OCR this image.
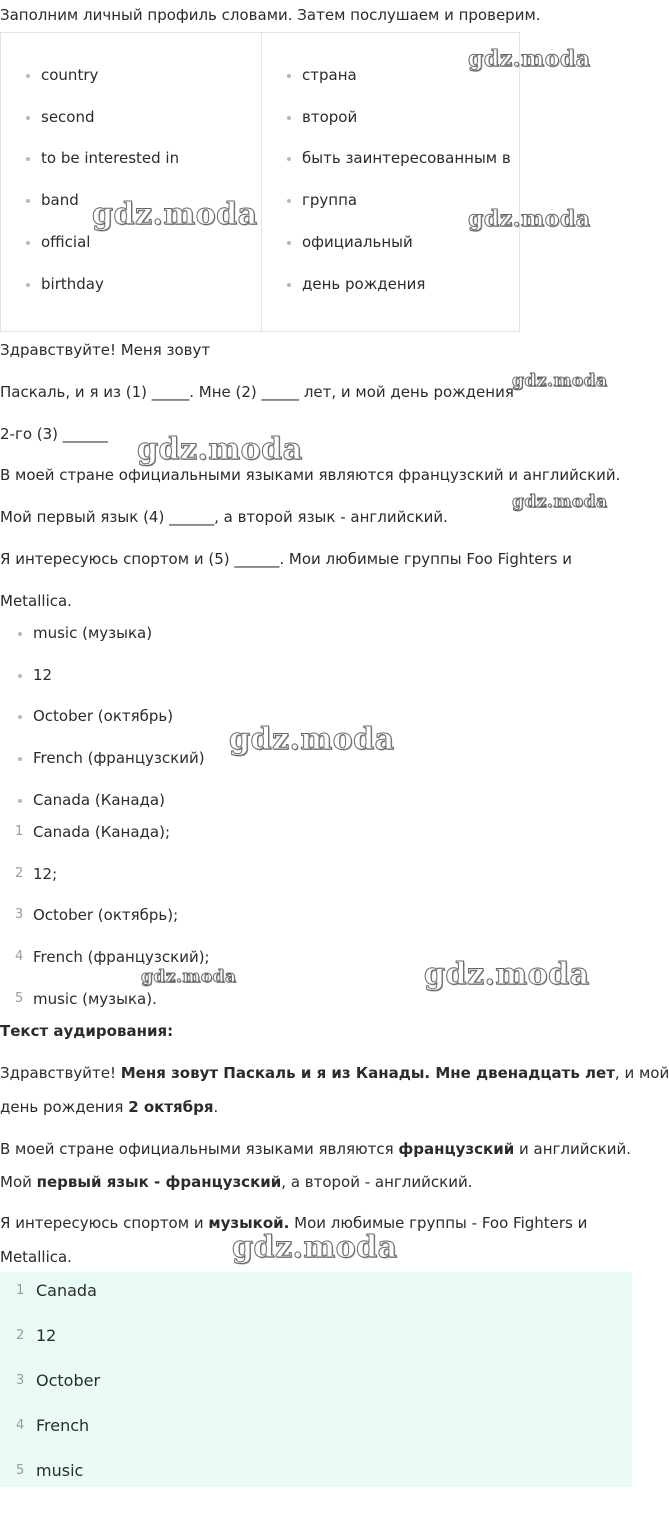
Заполним личный профиль словами. Затем послушаем и проверим.
country
second
to be interested in
band
official
birthday
страна
второй
быть заинтересованным в
группа
официальный
день рождения
Здравствуйте! Меня зовут
Паскаль, и я из (1) _____. Мне (2) _____ лет, и мой день рождения
2-го (3) ______
В моей стране официальными языками являются французский и английский.
Мой первый язык (4) ______, а второй язык - английский.
Я интересуюсь спортом и (5) ______. Мои любимые группы Foo Fighters и
Metallica.
music (музыка)
12
October (октябрь)
French (французский)
Canada (Канада)
1 Canada (Канада);
2 12;
3 October (октябрь);
4 French (французский);
5 music (музыка).
Текст аудирования:
Здравствуйте! Меня зовут Паскаль и я из Канады. Мне двенадцать лет, и мой
день рождения 2 октября.
В моей стране официальными языками являются французский и английский.
Мой первый язык - французский, а второй - английский.
Я интересуюсь спортом и музыкой. Мои любимые группы - Foo Fighters и
Metallica.
1 Canada
2 12
3 October
4 French
5 music
gdz.moda
gdz.moda	gdz.moda
gdz.moda
gdz.moda
gdz.moda
gdz.moda
gdz.moda	gdz.moda
gdz.moda
